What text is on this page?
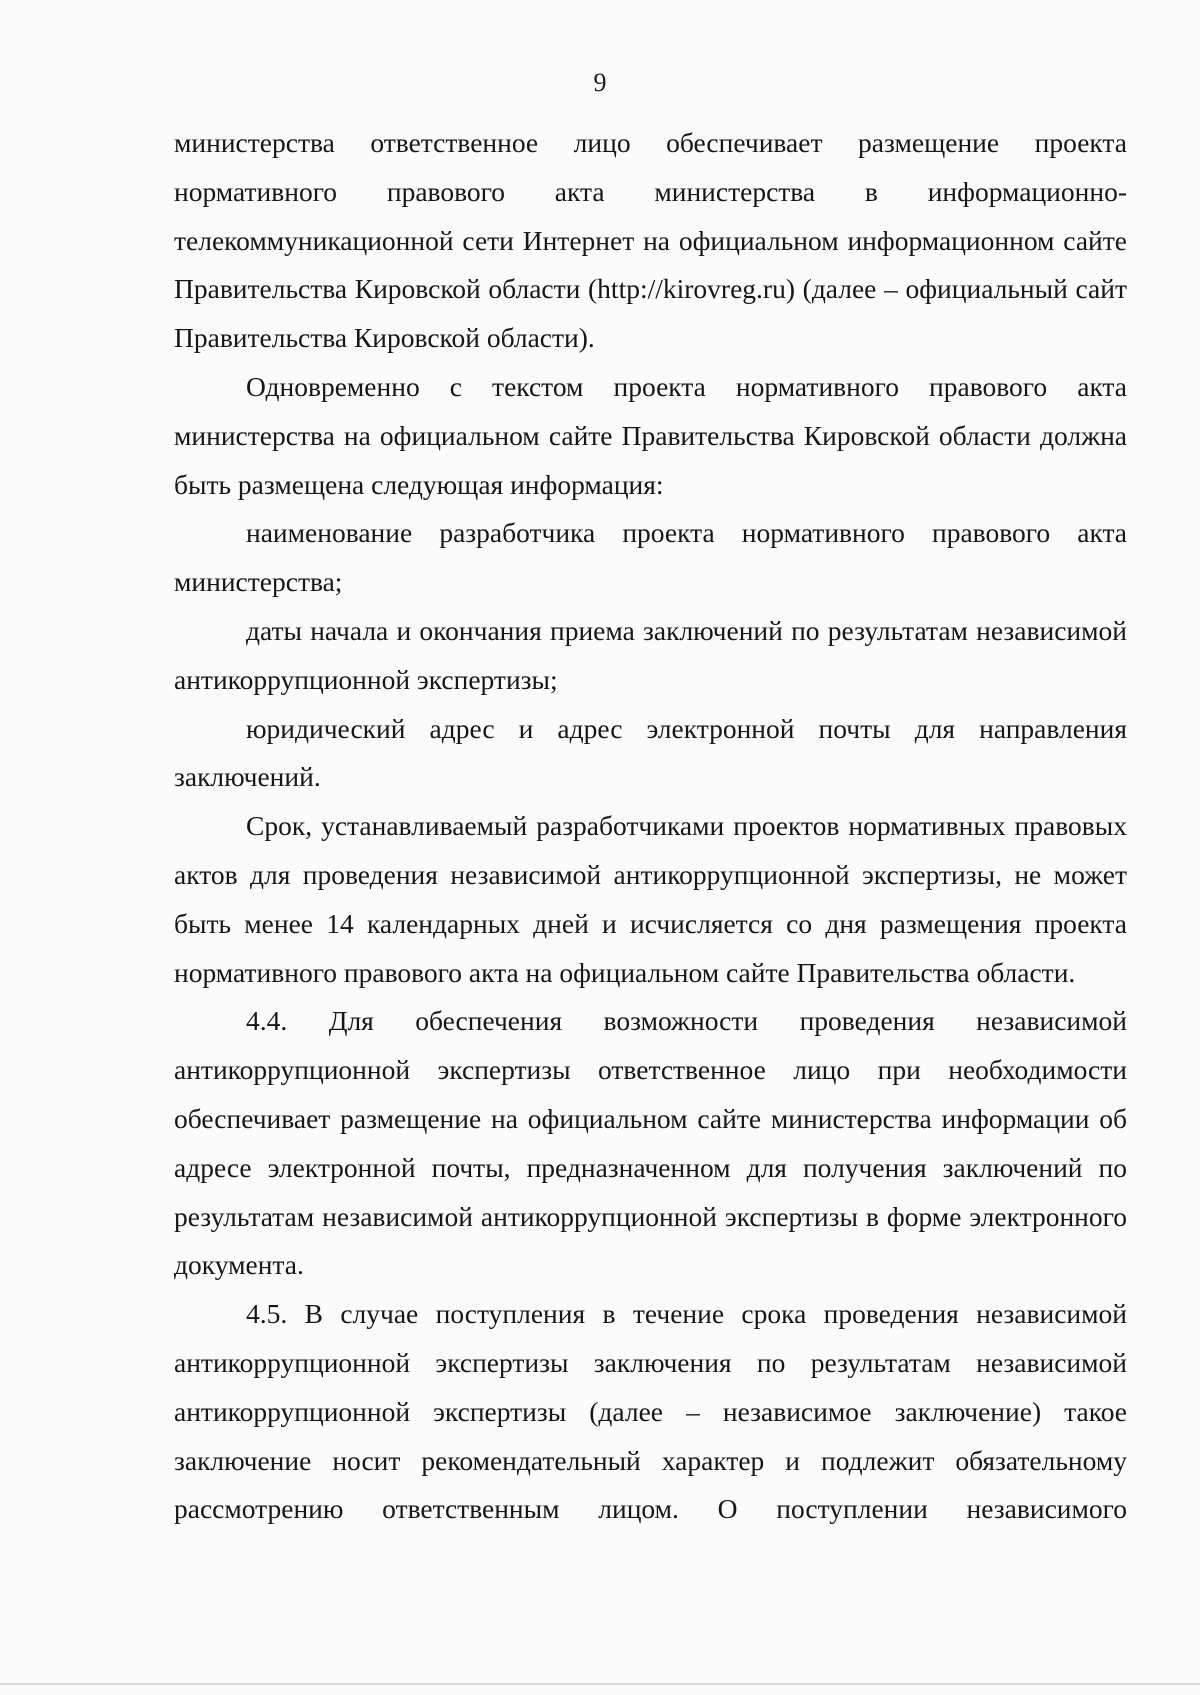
9

министерства ответственное лицо обеспечивает размещение проекта нормативного правового акта министерства в информационно-телекоммуникационной сети Интернет на официальном информационном сайте Правительства Кировской области (http://kirovreg.ru) (далее – официальный сайт Правительства Кировской области).

Одновременно с текстом проекта нормативного правового акта министерства на официальном сайте Правительства Кировской области должна быть размещена следующая информация:

наименование разработчика проекта нормативного правового акта министерства;

даты начала и окончания приема заключений по результатам независимой антикоррупционной экспертизы;

юридический адрес и адрес электронной почты для направления заключений.

Срок, устанавливаемый разработчиками проектов нормативных правовых актов для проведения независимой антикоррупционной экспертизы, не может быть менее 14 календарных дней и исчисляется со дня размещения проекта нормативного правового акта на официальном сайте Правительства области.

4.4. Для обеспечения возможности проведения независимой антикоррупционной экспертизы ответственное лицо при необходимости обеспечивает размещение на официальном сайте министерства информации об адресе электронной почты, предназначенном для получения заключений по результатам независимой антикоррупционной экспертизы в форме электронного документа.

4.5. В случае поступления в течение срока проведения независимой антикоррупционной экспертизы заключения по результатам независимой антикоррупционной экспертизы (далее – независимое заключение) такое заключение носит рекомендательный характер и подлежит обязательному рассмотрению ответственным лицом. О поступлении независимого
